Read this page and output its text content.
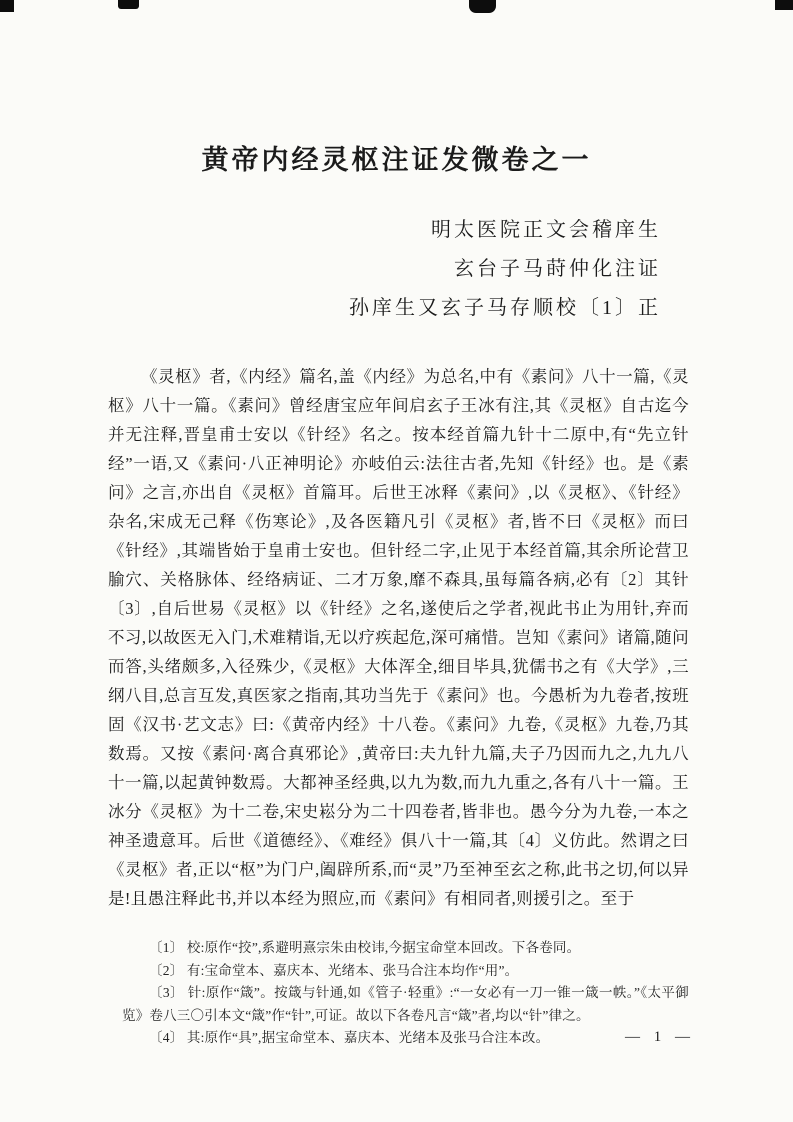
黄帝内经灵枢注证发微卷之一
明太医院正文会稽庠生
玄台子马莳仲化注证
孙庠生又玄子马存顺校〔1〕正

《灵枢》者,《内经》篇名,盖《内经》为总名,中有《素问》八十一篇,《灵枢》八十一篇。《素问》曾经唐宝应年间启玄子王冰有注,其《灵枢》自古迄今并无注释,晋皇甫士安以《针经》名之。按本经首篇九针十二原中,有“先立针经”一语,又《素问·八正神明论》亦岐伯云:法往古者,先知《针经》也。是《素问》之言,亦出自《灵枢》首篇耳。后世王冰释《素问》,以《灵枢》、《针经》杂名,宋成无己释《伤寒论》,及各医籍凡引《灵枢》者,皆不曰《灵枢》而曰《针经》,其端皆始于皇甫士安也。但针经二字,止见于本经首篇,其余所论营卫腧穴、关格脉体、经络病证、二才万象,靡不森具,虽每篇各病,必有〔2〕其针〔3〕,自后世易《灵枢》以《针经》之名,遂使后之学者,视此书止为用针,弃而不习,以故医无入门,术难精诣,无以疗疾起危,深可痛惜。岂知《素问》诸篇,随问而答,头绪颇多,入径殊少,《灵枢》大体浑全,细目毕具,犹儒书之有《大学》,三纲八目,总言互发,真医家之指南,其功当先于《素问》也。今愚析为九卷者,按班固《汉书·艺文志》曰:《黄帝内经》十八卷。《素问》九卷,《灵枢》九卷,乃其数焉。又按《素问·离合真邪论》,黄帝曰:夫九针九篇,夫子乃因而九之,九九八十一篇,以起黄钟数焉。大都神圣经典,以九为数,而九九重之,各有八十一篇。王冰分《灵枢》为十二卷,宋史崧分为二十四卷者,皆非也。愚今分为九卷,一本之神圣遗意耳。后世《道德经》、《难经》俱八十一篇,其〔4〕义仿此。然谓之曰《灵枢》者,正以“枢”为门户,阖辟所系,而“灵”乃至神至玄之称,此书之切,何以异是!且愚注释此书,并以本经为照应,而《素问》有相同者,则援引之。至于

〔1〕 校:原作“挍”,系避明熹宗朱由校讳,今据宝命堂本回改。下各卷同。

〔2〕 有:宝命堂本、嘉庆本、光绪本、张马合注本均作“用”。

〔3〕 针:原作“箴”。按箴与针通,如《管子·轻重》:“一女必有一刀一锥一箴一帙。”《太平御览》卷八三〇引本文“箴”作“针”,可证。故以下各卷凡言“箴”者,均以“针”律之。

〔4〕 其:原作“具”,据宝命堂本、嘉庆本、光绪本及张马合注本改。	— 1 —
